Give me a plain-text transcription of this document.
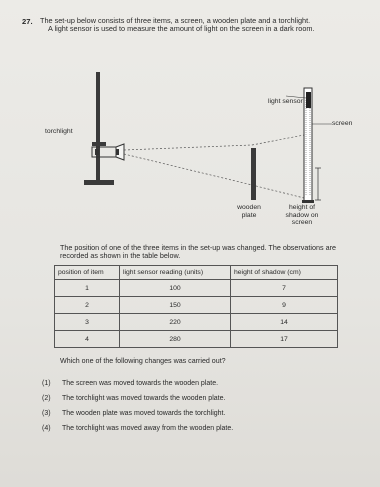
27. The set-up below consists of three items, a screen, a wooden plate and a torchlight.
A light sensor is used to measure the amount of light on the screen in a dark room.
light sensor
screen
torchlight
wooden plate
height of shadow on screen
The position of one of the three items in the set-up was changed. The observations are recorded as shown in the table below.
position of item	light sensor reading (units)	height of shadow (cm)
1	100	7
2	150	9
3	220	14
4	280	17
Which one of the following changes was carried out?
(1) The screen was moved towards the wooden plate.
(2) The torchlight was moved towards the wooden plate.
(3) The wooden plate was moved towards the torchlight.
(4) The torchlight was moved away from the wooden plate.
